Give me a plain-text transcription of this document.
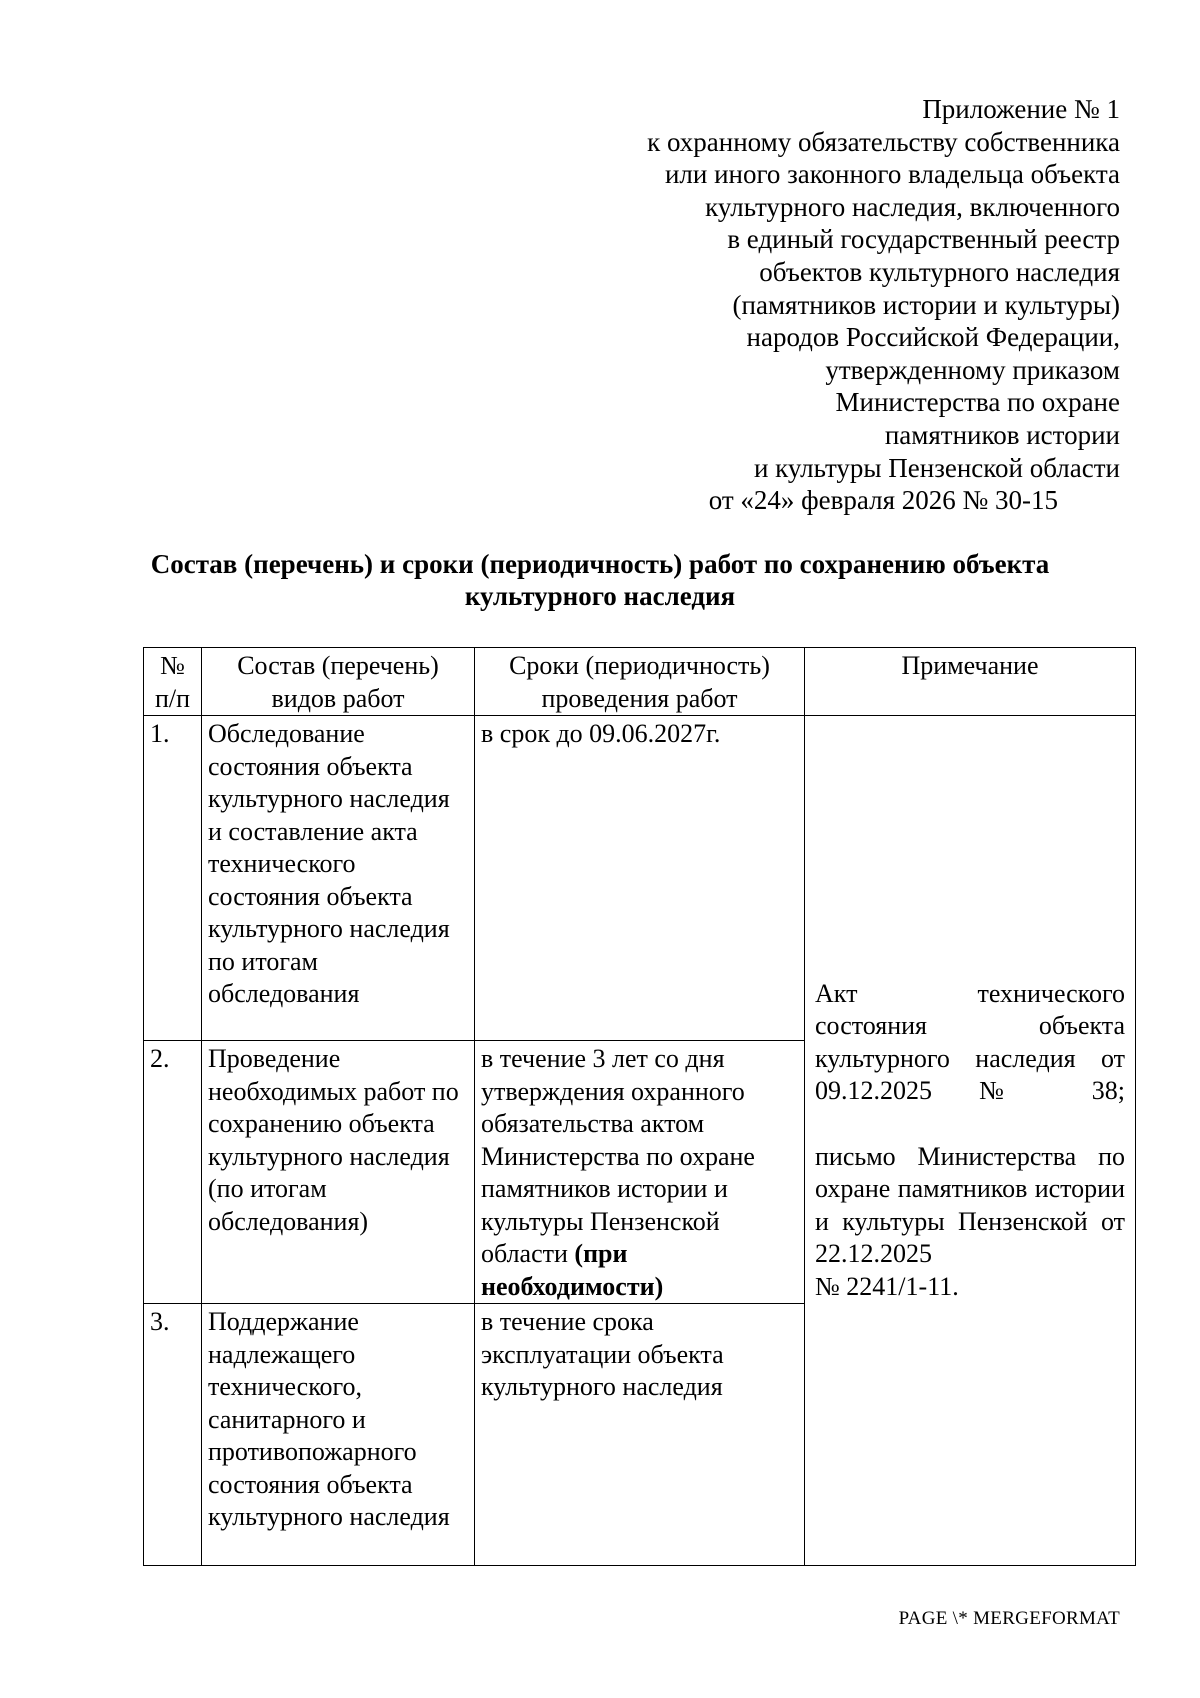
Приложение № 1
к охранному обязательству собственника
или иного законного владельца объекта
культурного наследия, включенного
в единый государственный реестр
объектов культурного наследия
(памятников истории и культуры)
народов Российской Федерации,
утвержденному приказом
Министерства по охране
памятников истории
и культуры Пензенской области
от «24» февраля 2026 № 30-15
Состав (перечень) и сроки (периодичность) работ по сохранению объекта
культурного наследия
№ п/п	Состав (перечень) видов работ	Сроки (периодичность) проведения работ	Примечание
1.	Обследование состояния объекта культурного наследия и составление акта технического состояния объекта культурного наследия по итогам обследования	в срок до 09.06.2027г.	Акт технического состояния объекта культурного наследия от 09.12.2025 № 38;

письмо Министерства по охране памятников истории и культуры Пензенской от 22.12.2025

№ 2241/1-11.

2.	Проведение необходимых работ по сохранению объекта культурного наследия (по итогам обследования)	в течение 3 лет со дня утверждения охранного обязательства актом Министерства по охране памятников истории и культуры Пензенской области (при необходимости)	
3.	Поддержание надлежащего технического, санитарного и противопожарного состояния объекта культурного наследия	в течение срока эксплуатации объекта культурного наследия	
PAGE \* MERGEFORMAT
